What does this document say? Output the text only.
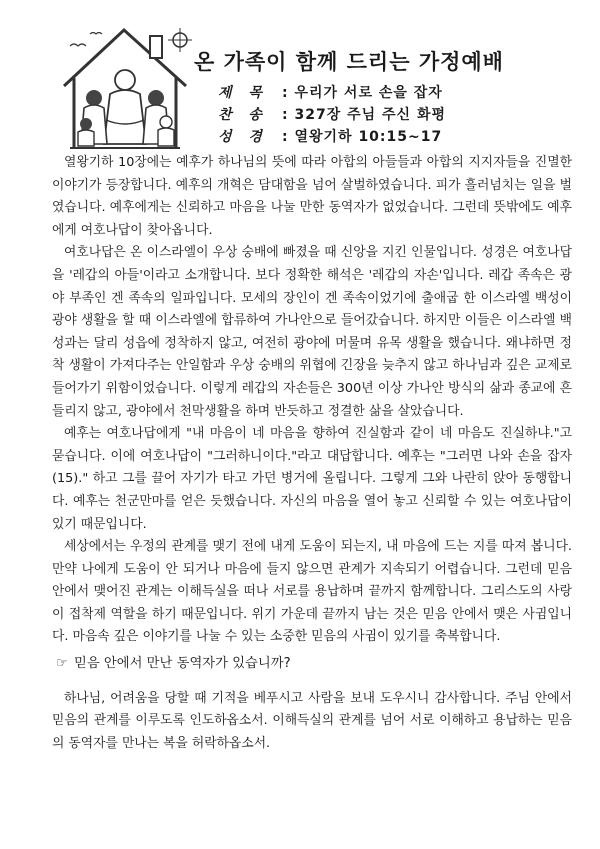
온 가족이 함께 드리는 가정예배
제 목 : 우리가 서로 손을 잡자
찬 송 : 327장 주님 주신 화평
성 경 : 열왕기하 10:15~17

열왕기하 10장에는 예후가 하나님의 뜻에 따라 아합의 아들들과 아합의 지지자들을 진멸한 이야기가 등장합니다. 예후의 개혁은 담대함을 넘어 살벌하였습니다. 피가 흘러넘치는 일을 벌였습니다. 예후에게는 신뢰하고 마음을 나눌 만한 동역자가 없었습니다. 그런데 뜻밖에도 예후에게 여호나답이 찾아옵니다.

여호나답은 온 이스라엘이 우상 숭배에 빠졌을 때 신앙을 지킨 인물입니다. 성경은 여호나답을 '레갑의 아들'이라고 소개합니다. 보다 정확한 해석은 '레갑의 자손'입니다. 레갑 족속은 광야 부족인 겐 족속의 일파입니다. 모세의 장인이 겐 족속이었기에 출애굽 한 이스라엘 백성이 광야 생활을 할 때 이스라엘에 합류하여 가나안으로 들어갔습니다. 하지만 이들은 이스라엘 백성과는 달리 성읍에 정착하지 않고, 여전히 광야에 머물며 유목 생활을 했습니다. 왜냐하면 정착 생활이 가져다주는 안일함과 우상 숭배의 위협에 긴장을 늦추지 않고 하나님과 깊은 교제로 들어가기 위함이었습니다. 이렇게 레갑의 자손들은 300년 이상 가나안 방식의 삶과 종교에 흔들리지 않고, 광야에서 천막생활을 하며 반듯하고 정결한 삶을 살았습니다.

예후는 여호나답에게 "내 마음이 네 마음을 향하여 진실함과 같이 네 마음도 진실하냐."고 묻습니다. 이에 여호나답이 "그러하니이다."라고 대답합니다. 예후는 "그러면 나와 손을 잡자(15)." 하고 그를 끌어 자기가 타고 가던 병거에 올립니다. 그렇게 그와 나란히 앉아 동행합니다. 예후는 천군만마를 얻은 듯했습니다. 자신의 마음을 열어 놓고 신뢰할 수 있는 여호나답이 있기 때문입니다.

세상에서는 우정의 관계를 맺기 전에 내게 도움이 되는지, 내 마음에 드는 지를 따져 봅니다. 만약 나에게 도움이 안 되거나 마음에 들지 않으면 관계가 지속되기 어렵습니다. 그런데 믿음 안에서 맺어진 관계는 이해득실을 떠나 서로를 용납하며 끝까지 함께합니다. 그리스도의 사랑이 접착제 역할을 하기 때문입니다. 위기 가운데 끝까지 남는 것은 믿음 안에서 맺은 사귐입니다. 마음속 깊은 이야기를 나눌 수 있는 소중한 믿음의 사귐이 있기를 축복합니다.

☞ 믿음 안에서 만난 동역자가 있습니까?

하나님, 어려움을 당할 때 기적을 베푸시고 사람을 보내 도우시니 감사합니다. 주님 안에서 믿음의 관계를 이루도록 인도하옵소서. 이해득실의 관계를 넘어 서로 이해하고 용납하는 믿음의 동역자를 만나는 복을 허락하옵소서.
